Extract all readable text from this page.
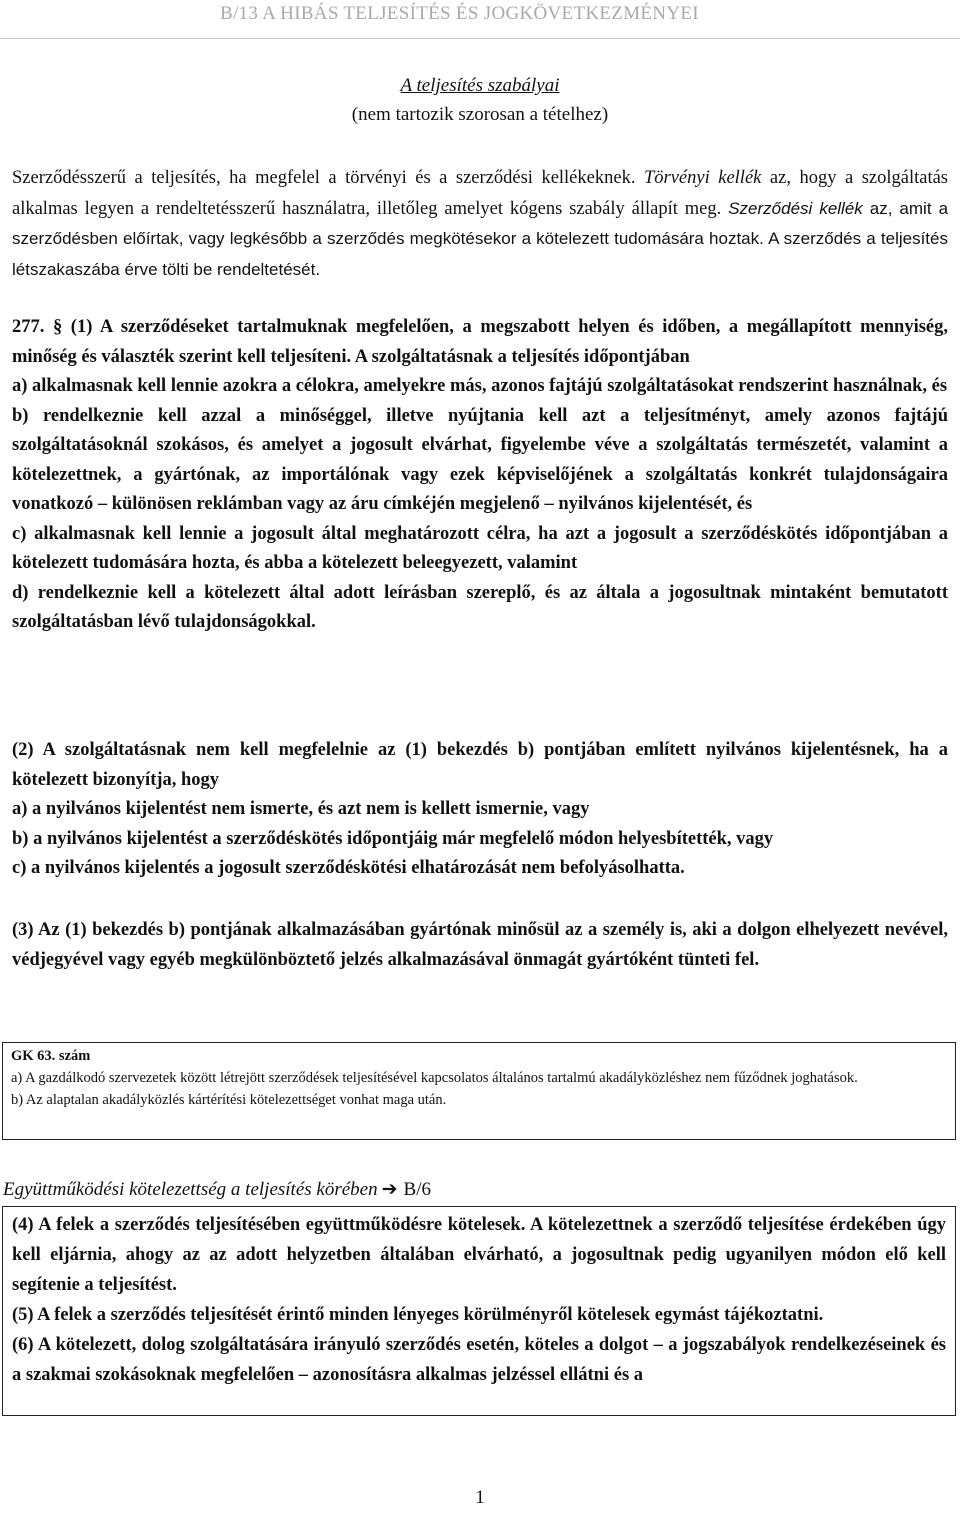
B/13 A HIBÁS TELJESÍTÉS ÉS JOGKÖVETKEZMÉNYEI
A teljesítés szabályai
(nem tartozik szorosan a tételhez)
Szerződésszerű a teljesítés, ha megfelel a törvényi és a szerződési kellékeknek. Törvényi kellék az, hogy a szolgáltatás alkalmas legyen a rendeltetésszerű használatra, illetőleg amelyet kógens szabály állapít meg. Szerződési kellék az, amit a szerződésben előírtak, vagy legkésőbb a szerződés megkötésekor a kötelezett tudomására hoztak. A szerződés a teljesítés létszakaszába érve tölti be rendeltetését.

277. § (1) A szerződéseket tartalmuknak megfelelően, a megszabott helyen és időben, a megállapított mennyiség, minőség és választék szerint kell teljesíteni. A szolgáltatásnak a teljesítés időpontjában

a) alkalmasnak kell lennie azokra a célokra, amelyekre más, azonos fajtájú szolgáltatásokat rendszerint használnak, és

b) rendelkeznie kell azzal a minőséggel, illetve nyújtania kell azt a teljesítményt, amely azonos fajtájú szolgáltatásoknál szokásos, és amelyet a jogosult elvárhat, figyelembe véve a szolgáltatás természetét, valamint a kötelezettnek, a gyártónak, az importálónak vagy ezek képviselőjének a szolgáltatás konkrét tulajdonságaira vonatkozó – különösen reklámban vagy az áru címkéjén megjelenő – nyilvános kijelentését, és

c) alkalmasnak kell lennie a jogosult által meghatározott célra, ha azt a jogosult a szerződéskötés időpontjában a kötelezett tudomására hozta, és abba a kötelezett beleegyezett, valamint

d) rendelkeznie kell a kötelezett által adott leírásban szereplő, és az általa a jogosultnak mintaként bemutatott szolgáltatásban lévő tulajdonságokkal.

(2) A szolgáltatásnak nem kell megfelelnie az (1) bekezdés b) pontjában említett nyilvános kijelentésnek, ha a kötelezett bizonyítja, hogy

a) a nyilvános kijelentést nem ismerte, és azt nem is kellett ismernie, vagy

b) a nyilvános kijelentést a szerződéskötés időpontjáig már megfelelő módon helyesbítették, vagy

c) a nyilvános kijelentés a jogosult szerződéskötési elhatározását nem befolyásolhatta.

(3) Az (1) bekezdés b) pontjának alkalmazásában gyártónak minősül az a személy is, aki a dolgon elhelyezett nevével, védjegyével vagy egyéb megkülönböztető jelzés alkalmazásával önmagát gyártóként tünteti fel.

GK 63. szám

a) A gazdálkodó szervezetek között létrejött szerződések teljesítésével kapcsolatos általános tartalmú akadályközléshez nem fűződnek joghatások.

b) Az alaptalan akadályközlés kártérítési kötelezettséget vonhat maga után.

Együttműködési kötelezettség a teljesítés körében ➔ B/6

(4) A felek a szerződés teljesítésében együttműködésre kötelesek. A kötelezettnek a szerződő teljesítése érdekében úgy kell eljárnia, ahogy az az adott helyzetben általában elvárható, a jogosultnak pedig ugyanilyen módon elő kell segítenie a teljesítést.

(5) A felek a szerződés teljesítését érintő minden lényeges körülményről kötelesek egymást tájékoztatni.

(6) A kötelezett, dolog szolgáltatására irányuló szerződés esetén, köteles a dolgot – a jogszabályok rendelkezéseinek és a szakmai szokásoknak megfelelően – azonosításra alkalmas jelzéssel ellátni és a

1
